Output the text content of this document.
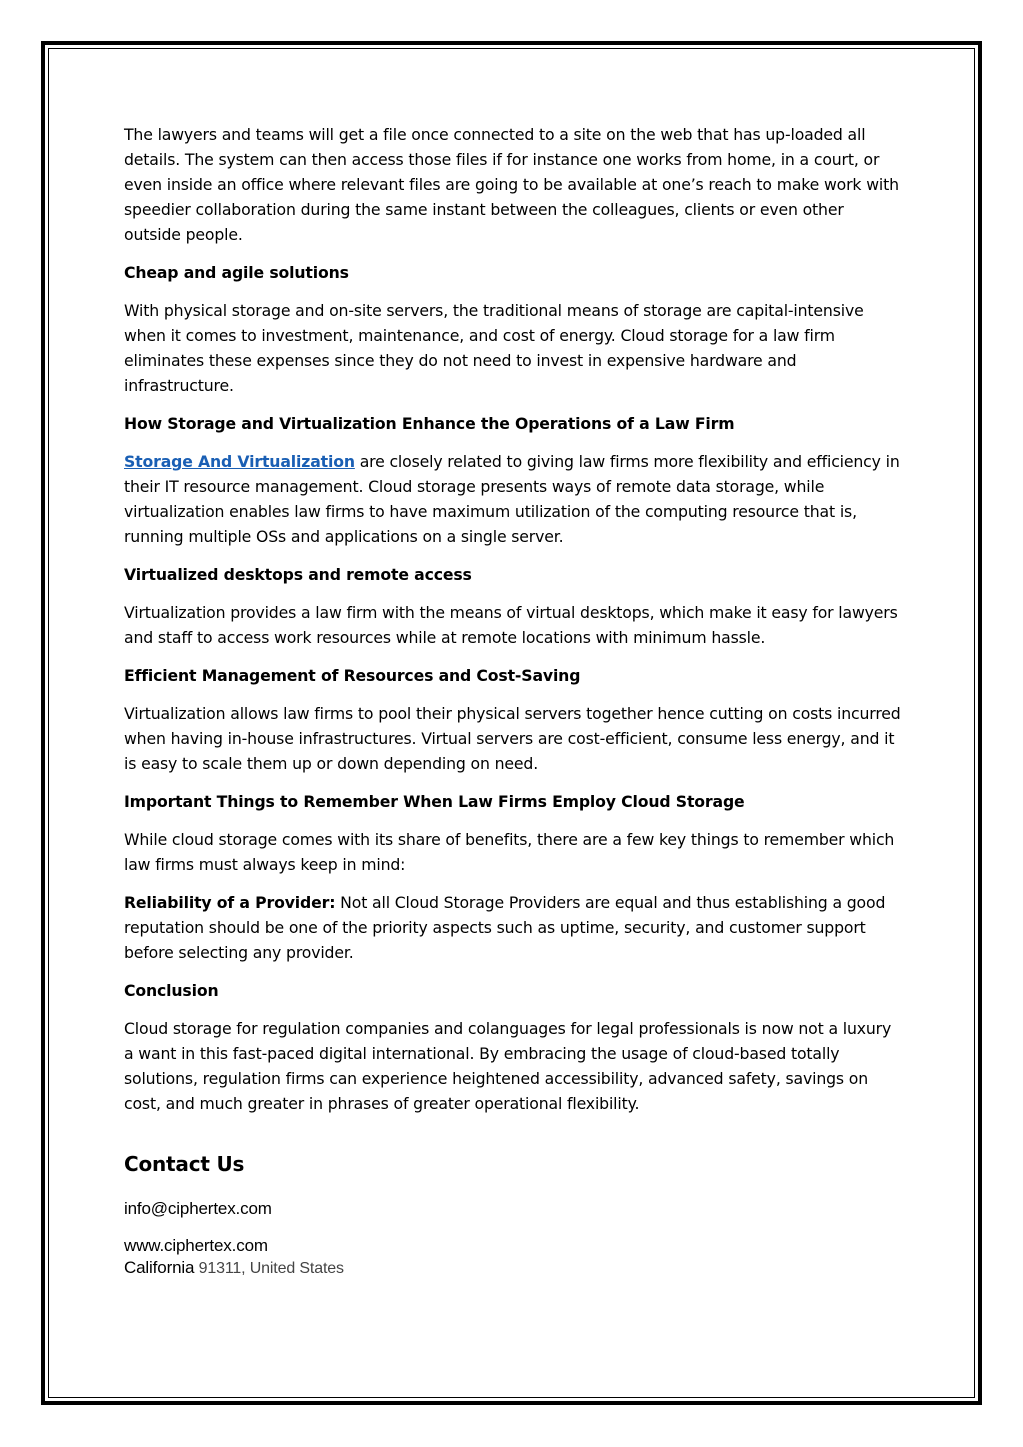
The lawyers and teams will get a file once connected to a site on the web that has up-loaded all details. The system can then access those files if for instance one works from home, in a court, or even inside an office where relevant files are going to be available at one’s reach to make work with speedier collaboration during the same instant between the colleagues, clients or even other outside people.

Cheap and agile solutions

With physical storage and on-site servers, the traditional means of storage are capital-intensive when it comes to investment, maintenance, and cost of energy. Cloud storage for a law firm eliminates these expenses since they do not need to invest in expensive hardware and infrastructure.

How Storage and Virtualization Enhance the Operations of a Law Firm

Storage And Virtualization are closely related to giving law firms more flexibility and efficiency in their IT resource management. Cloud storage presents ways of remote data storage, while virtualization enables law firms to have maximum utilization of the computing resource that is, running multiple OSs and applications on a single server.

Virtualized desktops and remote access

Virtualization provides a law firm with the means of virtual desktops, which make it easy for lawyers and staff to access work resources while at remote locations with minimum hassle.

Efficient Management of Resources and Cost-Saving

Virtualization allows law firms to pool their physical servers together hence cutting on costs incurred when having in-house infrastructures. Virtual servers are cost-efficient, consume less energy, and it is easy to scale them up or down depending on need.

Important Things to Remember When Law Firms Employ Cloud Storage

While cloud storage comes with its share of benefits, there are a few key things to remember which law firms must always keep in mind:

Reliability of a Provider: Not all Cloud Storage Providers are equal and thus establishing a good reputation should be one of the priority aspects such as uptime, security, and customer support before selecting any provider.

Conclusion

Cloud storage for regulation companies and colanguages for legal professionals is now not a luxury a want in this fast-paced digital international. By embracing the usage of cloud-based totally solutions, regulation firms can experience heightened accessibility, advanced safety, savings on cost, and much greater in phrases of greater operational flexibility.

Contact Us

info@ciphertex.com

www.ciphertex.com

California 91311, United States
